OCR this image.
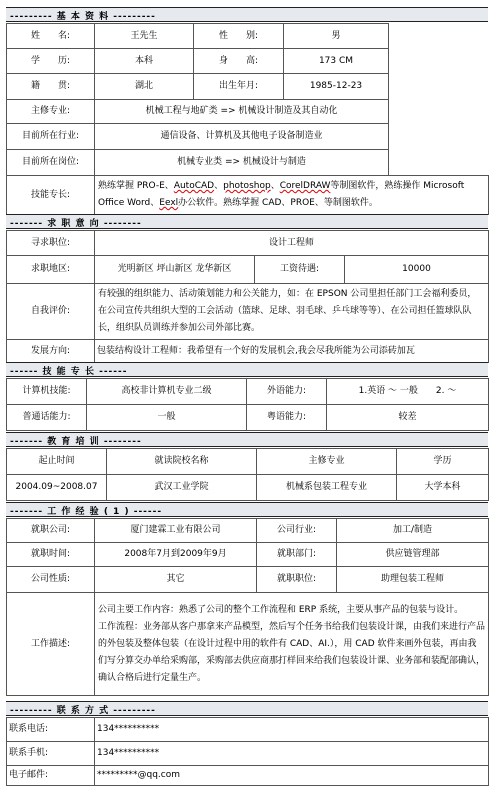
--------- 基 本 资 料 ---------
姓　　名:	王先生	性　　别:	男
学　　历:	本科	身　　高:	173 CM
籍　　贯:	湖北	出生年月:	1985-12-23
主修专业:	机械工程与地矿类 => 机械设计制造及其自动化		
目前所在行业:	通信设备、计算机及其他电子设备制造业		
目前所在岗位:	机械专业类 => 机械设计与制造		
技能专长:	熟练掌握 PRO-E、AutoCAD、photoshop、CorelDRAW等制图软件，熟练操作 Microsoft Office Word、Eexl办公软件。熟练掌握 CAD、PROE、等制图软件。
------- 求 职 意 向 --------
寻求职位:	设计工程师		
求职地区:	光明新区 坪山新区 龙华新区	工资待遇:	10000
自我评价:	有较强的组织能力、活动策划能力和公关能力，如：在 EPSON 公司里担任部门工会福利委员，在公司宣传共组织大型的工会活动（篮球、足球、羽毛球、乒乓球等等）、在公司担任篮球队队长，组织队员训练并参加公司外部比赛。		
发展方向:	包装结构设计工程师：我希望有一个好的发展机会,我会尽我所能为公司添砖加瓦		
------ 技 能 专 长 ------
计算机技能:	高校非计算机专业二级	外语能力:	1.英语 ～ 一般　　2. ～
普通话能力:	一般	粤语能力:	较差
------- 教 育 培 训 --------
起止时间	就读院校名称	主修专业	学历
2004.09~2008.07	武汉工业学院	机械系包装工程专业	大学本科
------- 工 作 经 验 ( 1 ) ------
就职公司:	厦门建霖工业有限公司	公司行业:	加工/制造
就职时间:	2008年7月到2009年9月	就职部门:	供应链管理部
公司性质:	其它	就职职位:	助理包装工程师
工作描述:	公司主要工作内容：熟悉了公司的整个工作流程和 ERP 系统，主要从事产品的包装与设计。
工作流程：业务部从客户那拿来产品模型，然后写个任务书给我们包装设计课，由我们来进行产品的外包装及整体包装（在设计过程中用的软件有 CAD、AI.），用 CAD 软件来画外包装，再由我们写分算交办单给采购部，采购部去供应商那打样回来给我们包装设计课、业务部和装配部确认，确认合格后进行定量生产。		
--------- 联 系 方 式 ---------
联系电话:	134**********
联系手机:	134**********
电子邮件:	*********@qq.com
